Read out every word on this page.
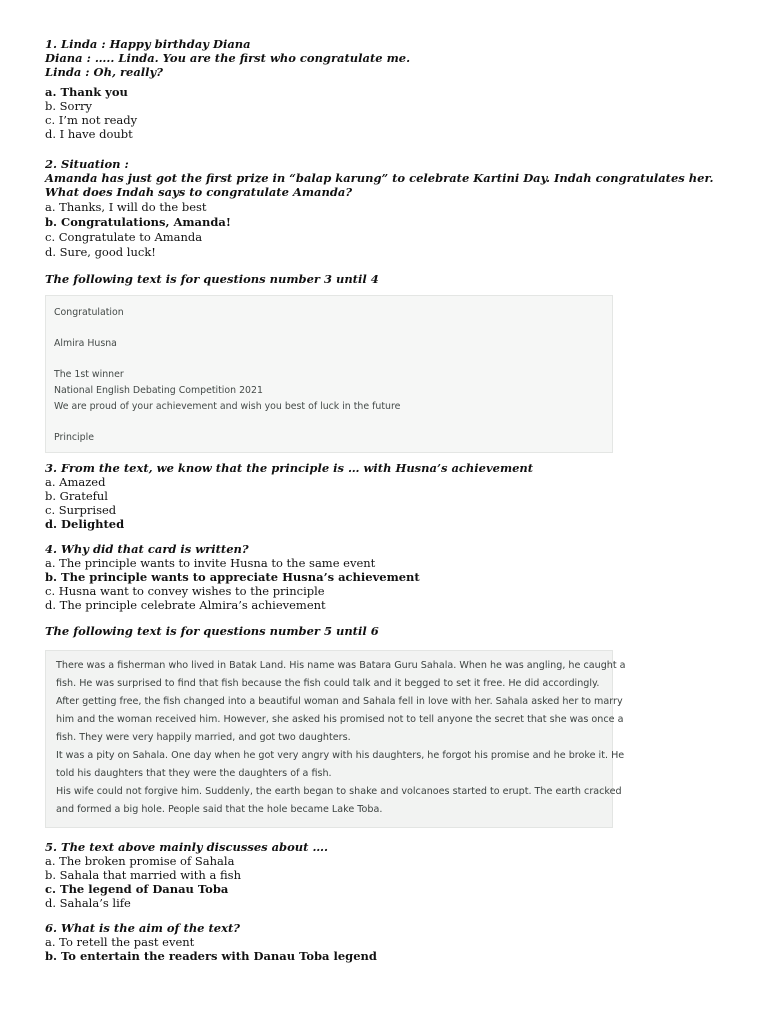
1. Linda : Happy birthday Diana
Diana : ….. Linda. You are the first who congratulate me.
Linda : Oh, really?
a. Thank you
b. Sorry
c. I’m not ready
d. I have doubt
2. Situation :
Amanda has just got the first prize in “balap karung” to celebrate Kartini Day. Indah congratulates her.
What does Indah says to congratulate Amanda?
a. Thanks, I will do the best
b. Congratulations, Amanda!
c. Congratulate to Amanda
d. Sure, good luck!
The following text is for questions number 3 until 4
Congratulation
Almira Husna
The 1st winner
National English Debating Competition 2021
We are proud of your achievement and wish you best of luck in the future
Principle
3. From the text, we know that the principle is … with Husna’s achievement
a. Amazed
b. Grateful
c. Surprised
d. Delighted
4. Why did that card is written?
a. The principle wants to invite Husna to the same event
b. The principle wants to appreciate Husna’s achievement
c. Husna want to convey wishes to the principle
d. The principle celebrate Almira’s achievement
The following text is for questions number 5 until 6
There was a fisherman who lived in Batak Land. His name was Batara Guru Sahala. When he was angling, he caught a
fish. He was surprised to find that fish because the fish could talk and it begged to set it free. He did accordingly.
After getting free, the fish changed into a beautiful woman and Sahala fell in love with her. Sahala asked her to marry
him and the woman received him. However, she asked his promised not to tell anyone the secret that she was once a
fish. They were very happily married, and got two daughters.
It was a pity on Sahala. One day when he got very angry with his daughters, he forgot his promise and he broke it. He
told his daughters that they were the daughters of a fish.
His wife could not forgive him. Suddenly, the earth began to shake and volcanoes started to erupt. The earth cracked
and formed a big hole. People said that the hole became Lake Toba.
5. The text above mainly discusses about ….
a. The broken promise of Sahala
b. Sahala that married with a fish
c. The legend of Danau Toba
d. Sahala’s life
6. What is the aim of the text?
a. To retell the past event
b. To entertain the readers with Danau Toba legend
